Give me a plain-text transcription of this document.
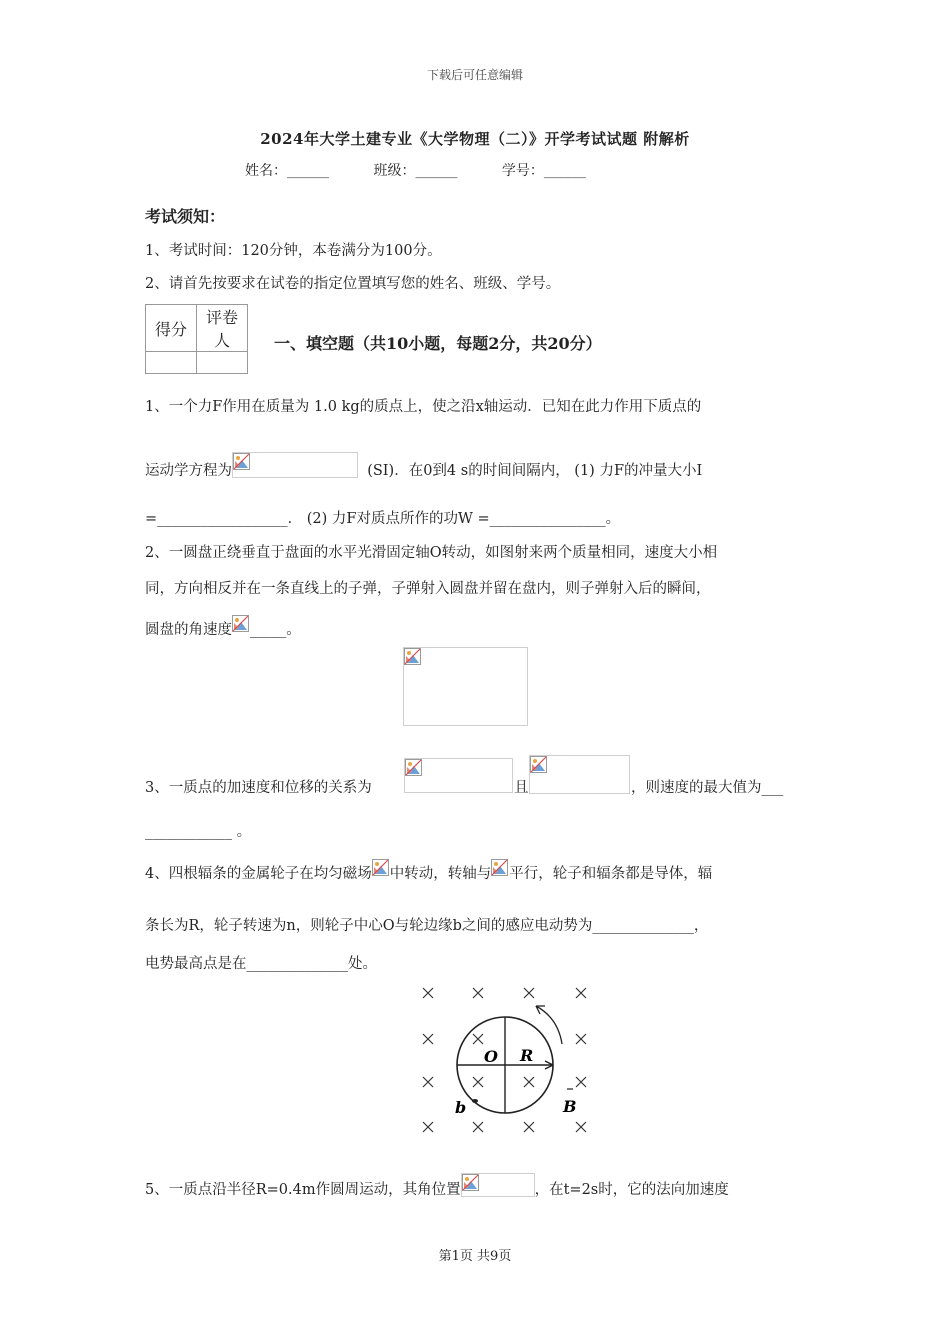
下载后可任意编辑
2024年大学土建专业《大学物理（二）》开学考试试题 附解析
姓名：______	班级：______	学号：______
考试须知：
1、考试时间：120分钟，本卷满分为100分。
2、请首先按要求在试卷的指定位置填写您的姓名、班级、学号。
得分	评卷人
		一、填空题（共10小题，每题2分，共20分）
1、一个力F作用在质量为 1.0 kg的质点上，使之沿x轴运动．已知在此力作用下质点的
运动学方程为	(SI)．在0到4 s的时间间隔内， (1) 力F的冲量大小I
=__________________． (2) 力F对质点所作的功W =________________。
2、一圆盘正绕垂直于盘面的水平光滑固定轴O转动，如图射来两个质量相同，速度大小相
同，方向相反并在一条直线上的子弹，子弹射入圆盘并留在盘内，则子弹射入后的瞬间，
圆盘的角速度 _____。
3、一质点的加速度和位移的关系为	且	，则速度的最大值为___
____________ 。
4、四根辐条的金属轮子在均匀磁场 中转动，转轴与 平行，轮子和辐条都是导体，辐
条长为R，轮子转速为n，则轮子中心O与轮边缘b之间的感应电动势为______________，
电势最高点是在______________处。
O R
b	B
5、一质点沿半径R=0.4m作圆周运动，其角位置	，在t=2s时，它的法向加速度
第1页 共9页
